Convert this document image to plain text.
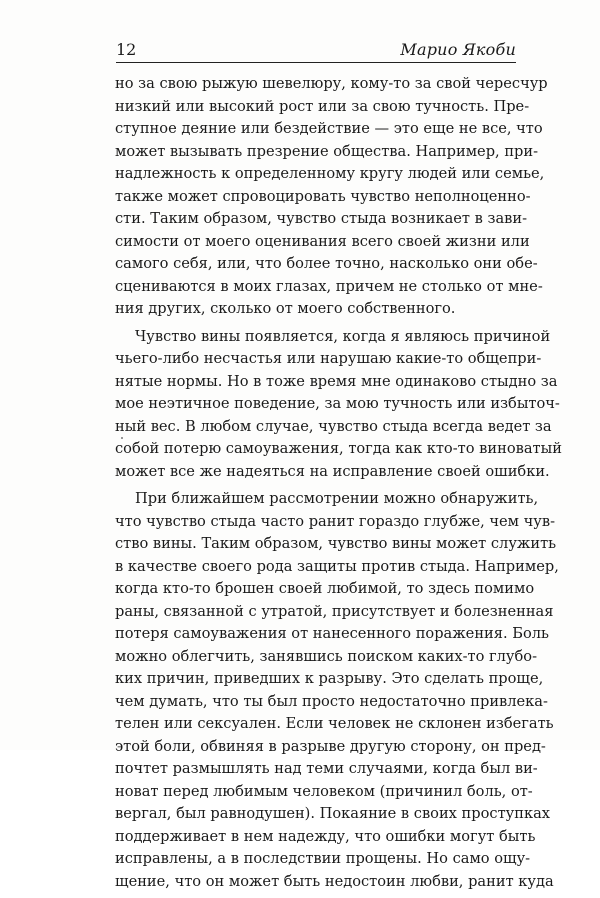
12	Марио Якоби
но за свою рыжую шевелюру, кому-то за свой чересчур
низкий или высокий рост или за свою тучность. Пре-
ступное деяние или бездействие — это еще не все, что
может вызывать презрение общества. Например, при-
надлежность к определенному кругу людей или семье,
также может спровоцировать чувство неполноценно-
сти. Таким образом, чувство стыда возникает в зави-
симости от моего оценивания всего своей жизни или
самого себя, или, что более точно, насколько они обе-
сцениваются в моих глазах, причем не столько от мне-
ния других, сколько от моего собственного.
Чувство вины появляется, когда я являюсь причиной
чьего-либо несчастья или нарушаю какие-то общепри-
нятые нормы. Но в тоже время мне одинаково стыдно за
мое неэтичное поведение, за мою тучность или избыточ-
ный вес. В любом случае, чувство стыда всегда ведет за
собой потерю самоуважения, тогда как кто-то виноватый
может все же надеяться на исправление своей ошибки.
При ближайшем рассмотрении можно обнаружить,
что чувство стыда часто ранит гораздо глубже, чем чув-
ство вины. Таким образом, чувство вины может служить
в качестве своего рода защиты против стыда. Например,
когда кто-то брошен своей любимой, то здесь помимо
раны, связанной с утратой, присутствует и болезненная
потеря самоуважения от нанесенного поражения. Боль
можно облегчить, занявшись поиском каких-то глубо-
ких причин, приведших к разрыву. Это сделать проще,
чем думать, что ты был просто недостаточно привлека-
телен или сексуален. Если человек не склонен избегать
этой боли, обвиняя в разрыве другую сторону, он пред-
почтет размышлять над теми случаями, когда был ви-
новат перед любимым человеком (причинил боль, от-
вергал, был равнодушен). Покаяние в своих проступках
поддерживает в нем надежду, что ошибки могут быть
исправлены, а в последствии прощены. Но само ощу-
щение, что он может быть недостоин любви, ранит куда
